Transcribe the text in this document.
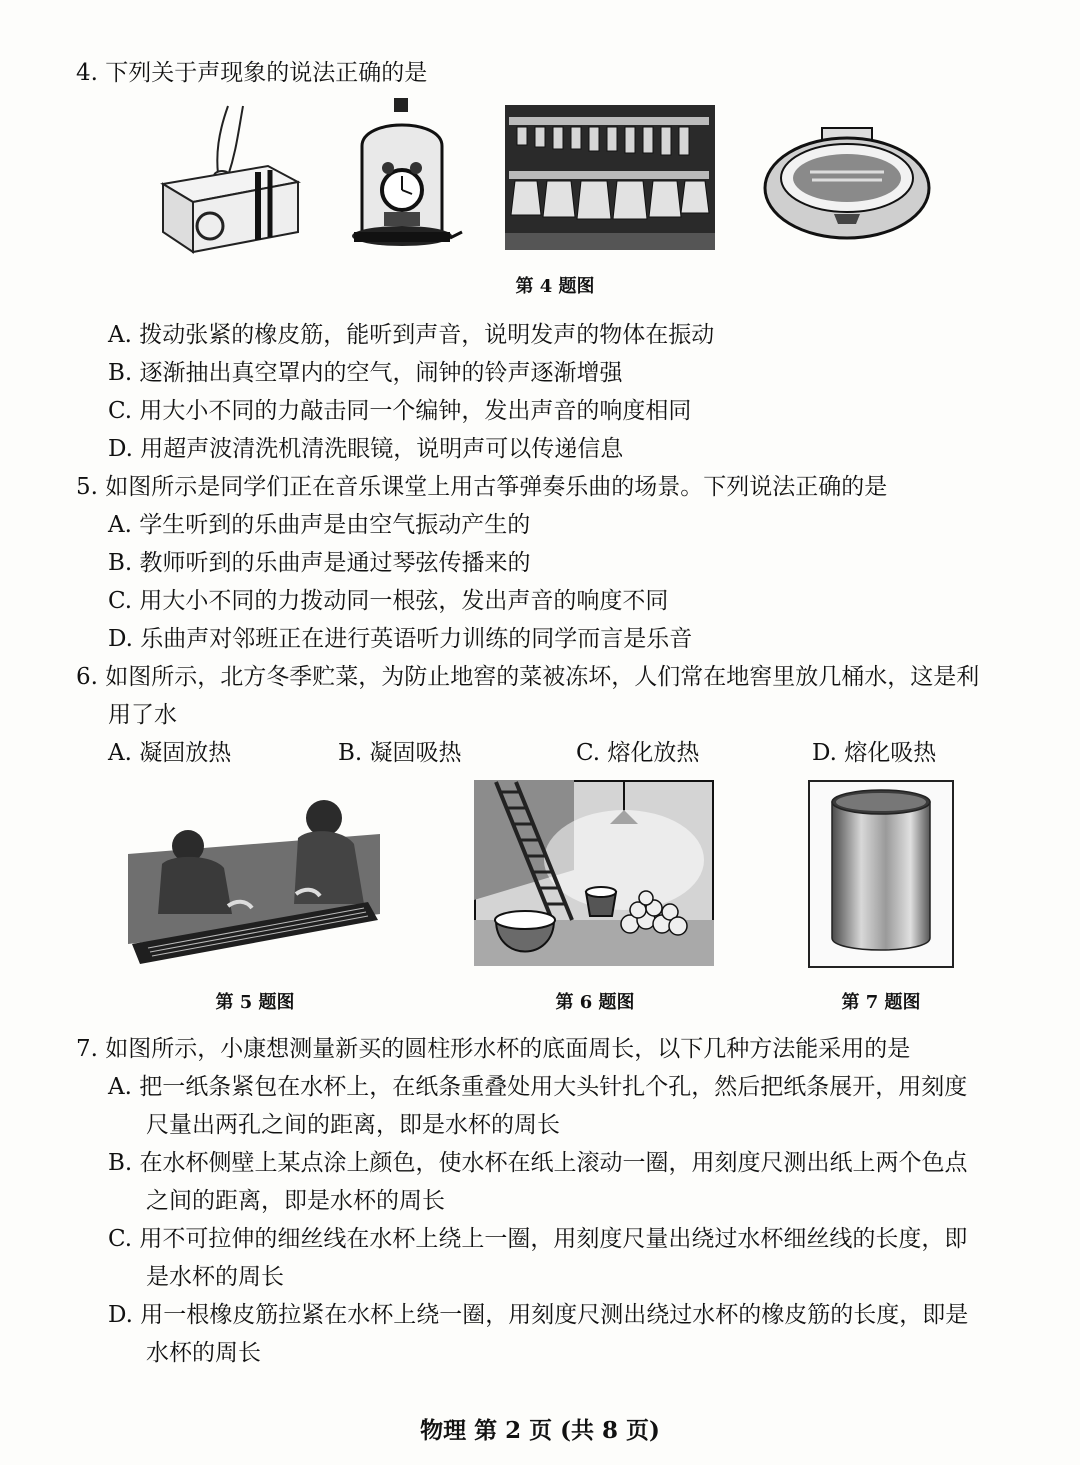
4. 下列关于声现象的说法正确的是
第 4 题图
A. 拨动张紧的橡皮筋，能听到声音，说明发声的物体在振动
B. 逐渐抽出真空罩内的空气，闹钟的铃声逐渐增强
C. 用大小不同的力敲击同一个编钟，发出声音的响度相同
D. 用超声波清洗机清洗眼镜，说明声可以传递信息
5. 如图所示是同学们正在音乐课堂上用古筝弹奏乐曲的场景。下列说法正确的是
A. 学生听到的乐曲声是由空气振动产生的
B. 教师听到的乐曲声是通过琴弦传播来的
C. 用大小不同的力拨动同一根弦，发出声音的响度不同
D. 乐曲声对邻班正在进行英语听力训练的同学而言是乐音
6. 如图所示，北方冬季贮菜，为防止地窖的菜被冻坏，人们常在地窖里放几桶水，这是利
用了水
A. 凝固放热	B. 凝固吸热	C. 熔化放热	D. 熔化吸热
第 5 题图	第 6 题图	第 7 题图
7. 如图所示，小康想测量新买的圆柱形水杯的底面周长，以下几种方法能采用的是
A. 把一纸条紧包在水杯上，在纸条重叠处用大头针扎个孔，然后把纸条展开，用刻度
尺量出两孔之间的距离，即是水杯的周长
B. 在水杯侧壁上某点涂上颜色，使水杯在纸上滚动一圈，用刻度尺测出纸上两个色点
之间的距离，即是水杯的周长
C. 用不可拉伸的细丝线在水杯上绕上一圈，用刻度尺量出绕过水杯细丝线的长度，即
是水杯的周长
D. 用一根橡皮筋拉紧在水杯上绕一圈，用刻度尺测出绕过水杯的橡皮筋的长度，即是
水杯的周长
物理 第 2 页 (共 8 页)
